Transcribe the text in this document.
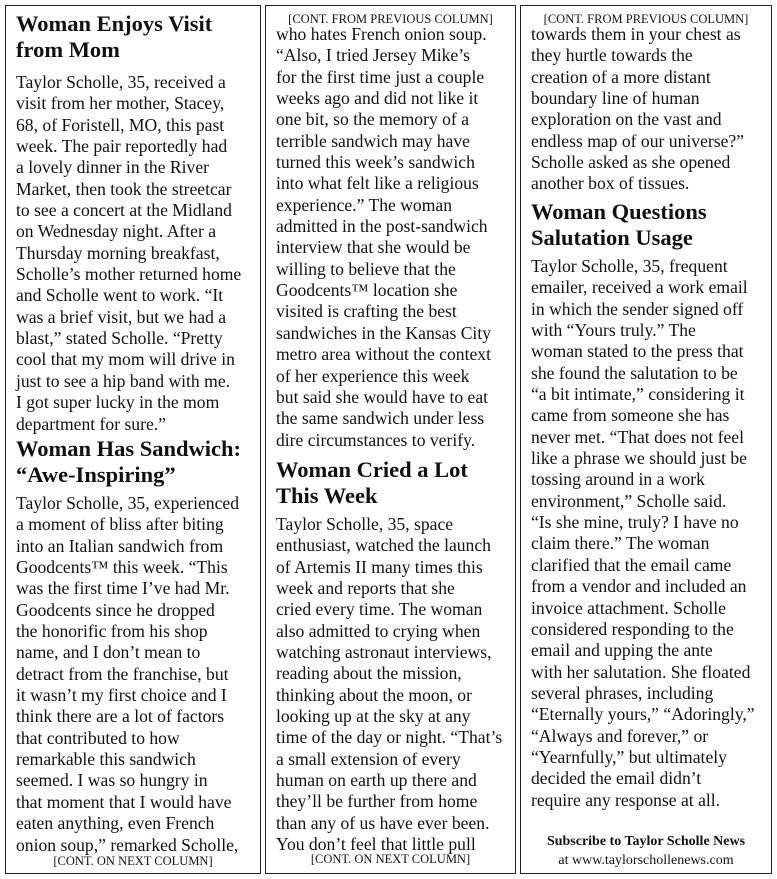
Woman Enjoys Visit
from Mom
Taylor Scholle, 35, received a
visit from her mother, Stacey,
68, of Foristell, MO, this past
week. The pair reportedly had
a lovely dinner in the River
Market, then took the streetcar
to see a concert at the Midland
on Wednesday night. After a
Thursday morning breakfast,
Scholle’s mother returned home
and Scholle went to work. “It
was a brief visit, but we had a
blast,” stated Scholle. “Pretty
cool that my mom will drive in
just to see a hip band with me.
I got super lucky in the mom
department for sure.”
Woman Has Sandwich:
“Awe-Inspiring”
Taylor Scholle, 35, experienced
a moment of bliss after biting
into an Italian sandwich from
Goodcents™ this week. “This
was the first time I’ve had Mr.
Goodcents since he dropped
the honorific from his shop
name, and I don’t mean to
detract from the franchise, but
it wasn’t my first choice and I
think there are a lot of factors
that contributed to how
remarkable this sandwich
seemed. I was so hungry in
that moment that I would have
eaten anything, even French
onion soup,” remarked Scholle,
[CONT. ON NEXT COLUMN]
[CONT. FROM PREVIOUS COLUMN]
who hates French onion soup.
“Also, I tried Jersey Mike’s
for the first time just a couple
weeks ago and did not like it
one bit, so the memory of a
terrible sandwich may have
turned this week’s sandwich
into what felt like a religious
experience.” The woman
admitted in the post-sandwich
interview that she would be
willing to believe that the
Goodcents™ location she
visited is crafting the best
sandwiches in the Kansas City
metro area without the context
of her experience this week
but said she would have to eat
the same sandwich under less
dire circumstances to verify.
Woman Cried a Lot
This Week
Taylor Scholle, 35, space
enthusiast, watched the launch
of Artemis II many times this
week and reports that she
cried every time. The woman
also admitted to crying when
watching astronaut interviews,
reading about the mission,
thinking about the moon, or
looking up at the sky at any
time of the day or night. “That’s
a small extension of every
human on earth up there and
they’ll be further from home
than any of us have ever been.
You don’t feel that little pull
[CONT. ON NEXT COLUMN]
[CONT. FROM PREVIOUS COLUMN]
towards them in your chest as
they hurtle towards the
creation of a more distant
boundary line of human
exploration on the vast and
endless map of our universe?”
Scholle asked as she opened
another box of tissues.
Woman Questions
Salutation Usage
Taylor Scholle, 35, frequent
emailer, received a work email
in which the sender signed off
with “Yours truly.” The
woman stated to the press that
she found the salutation to be
“a bit intimate,” considering it
came from someone she has
never met. “That does not feel
like a phrase we should just be
tossing around in a work
environment,” Scholle said.
“Is she mine, truly? I have no
claim there.” The woman
clarified that the email came
from a vendor and included an
invoice attachment. Scholle
considered responding to the
email and upping the ante
with her salutation. She floated
several phrases, including
“Eternally yours,” “Adoringly,”
“Always and forever,” or
“Yearnfully,” but ultimately
decided the email didn’t
require any response at all.
Subscribe to Taylor Scholle News
at www.taylorschollenews.com
